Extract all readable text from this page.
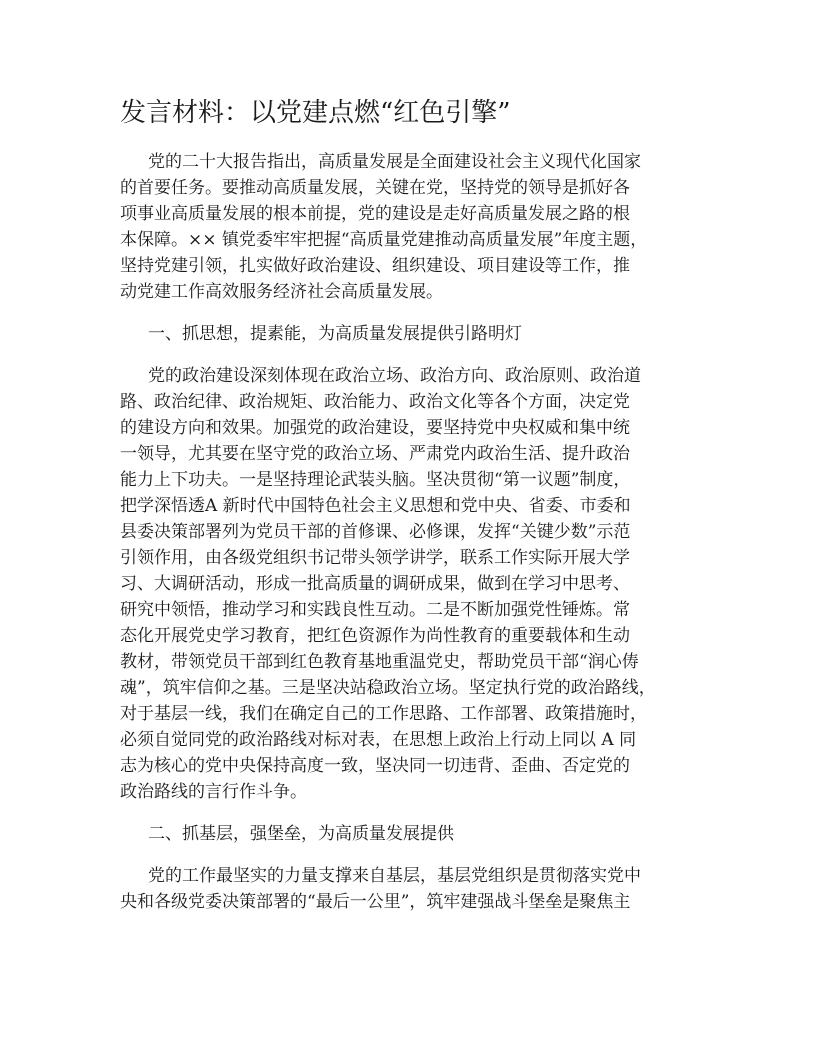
发言材料：以党建点燃“红色引擎”

党的二十大报告指出，高质量发展是全面建设社会主义现代化国家
的首要任务。要推动高质量发展，关键在党，坚持党的领导是抓好各
项事业高质量发展的根本前提，党的建设是走好高质量发展之路的根
本保障。×× 镇党委牢牢把握“高质量党建推动高质量发展”年度主题，
坚持党建引领，扎实做好政治建设、组织建设、项目建设等工作，推
动党建工作高效服务经济社会高质量发展。

一、抓思想，提素能，为高质量发展提供引路明灯

党的政治建设深刻体现在政治立场、政治方向、政治原则、政治道
路、政治纪律、政治规矩、政治能力、政治文化等各个方面，决定党
的建设方向和效果。加强党的政治建设，要坚持党中央权威和集中统
一领导，尤其要在坚守党的政治立场、严肃党内政治生活、提升政治
能力上下功夫。一是坚持理论武装头脑。坚决贯彻“第一议题”制度，
把学深悟透A 新时代中国特色社会主义思想和党中央、省委、市委和
县委决策部署列为党员干部的首修课、必修课，发挥“关键少数”示范
引领作用，由各级党组织书记带头领学讲学，联系工作实际开展大学
习、大调研活动，形成一批高质量的调研成果，做到在学习中思考、
研究中领悟，推动学习和实践良性互动。二是不断加强党性锤炼。常
态化开展党史学习教育，把红色资源作为尚性教育的重要载体和生动
教材，带领党员干部到红色教育基地重温党史，帮助党员干部“润心俦
魂”，筑牢信仰之基。三是坚决站稳政治立场。坚定执行党的政治路线，
对于基层一线，我们在确定自己的工作思路、工作部署、政策措施时，
必须自觉同党的政治路线对标对表，在思想上政治上行动上同以 A 同
志为核心的党中央保持高度一致，坚决同一切违背、歪曲、否定党的
政治路线的言行作斗争。

二、抓基层，强堡垒，为高质量发展提供

党的工作最坚实的力量支撑来自基层，基层党组织是贯彻落实党中
央和各级党委决策部署的“最后一公里”，筑牢建强战斗堡垒是聚焦主
